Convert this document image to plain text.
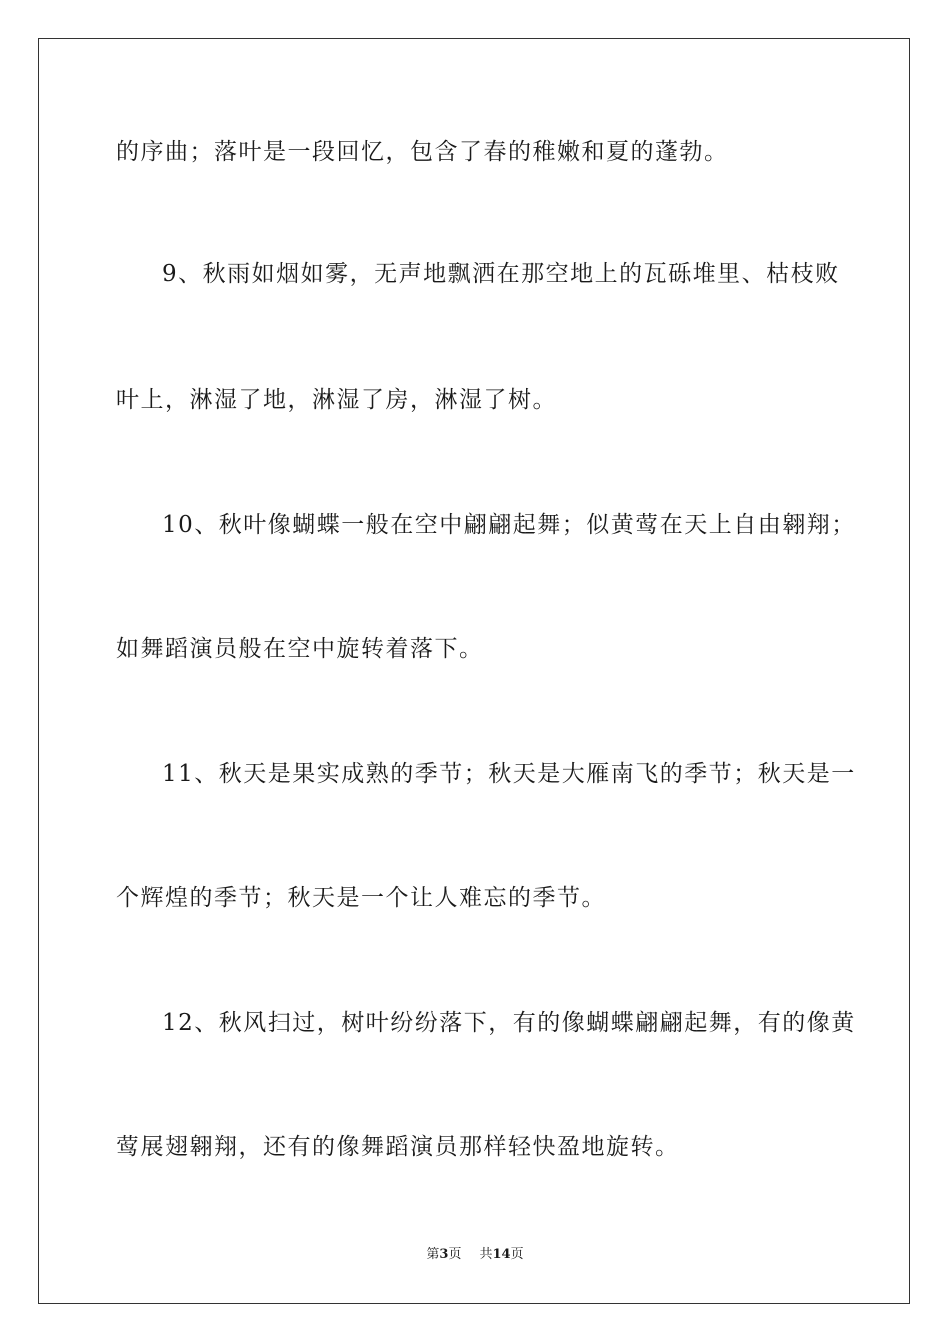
的序曲；落叶是一段回忆，包含了春的稚嫩和夏的蓬勃。
9、秋雨如烟如雾，无声地飘洒在那空地上的瓦砾堆里、枯枝败
叶上，淋湿了地，淋湿了房，淋湿了树。
10、秋叶像蝴蝶一般在空中翩翩起舞；似黄莺在天上自由翱翔；
如舞蹈演员般在空中旋转着落下。
11、秋天是果实成熟的季节；秋天是大雁南飞的季节；秋天是一
个辉煌的季节；秋天是一个让人难忘的季节。
12、秋风扫过，树叶纷纷落下，有的像蝴蝶翩翩起舞，有的像黄
莺展翅翱翔，还有的像舞蹈演员那样轻快盈地旋转。
第3页 共14页
